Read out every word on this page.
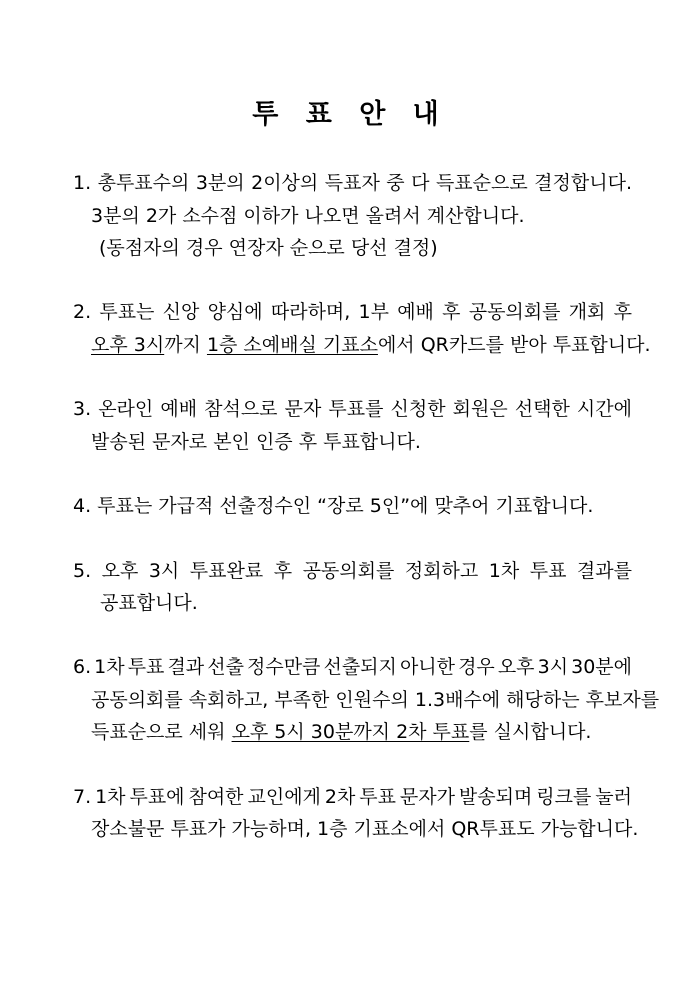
투 표 안 내

1. 총투표수의 3분의 2이상의 득표자 중 다 득표순으로 결정합니다.

3분의 2가 소수점 이하가 나오면 올려서 계산합니다.

(동점자의 경우 연장자 순으로 당선 결정)

2. 투표는 신앙 양심에 따라하며, 1부 예배 후 공동의회를 개회 후

오후 3시까지 1층 소예배실 기표소에서 QR카드를 받아 투표합니다.

3. 온라인 예배 참석으로 문자 투표를 신청한 회원은 선택한 시간에

발송된 문자로 본인 인증 후 투표합니다.

4. 투표는 가급적 선출정수인 “장로 5인”에 맞추어 기표합니다.

5. 오후 3시 투표완료 후 공동의회를 정회하고 1차 투표 결과를

공표합니다.

6. 1차 투표 결과 선출 정수만큼 선출되지 아니한 경우 오후 3시 30분에

공동의회를 속회하고, 부족한 인원수의 1.3배수에 해당하는 후보자를

득표순으로 세워 오후 5시 30분까지 2차 투표를 실시합니다.

7. 1차 투표에 참여한 교인에게 2차 투표 문자가 발송되며 링크를 눌러

장소불문 투표가 가능하며, 1층 기표소에서 QR투표도 가능합니다.
